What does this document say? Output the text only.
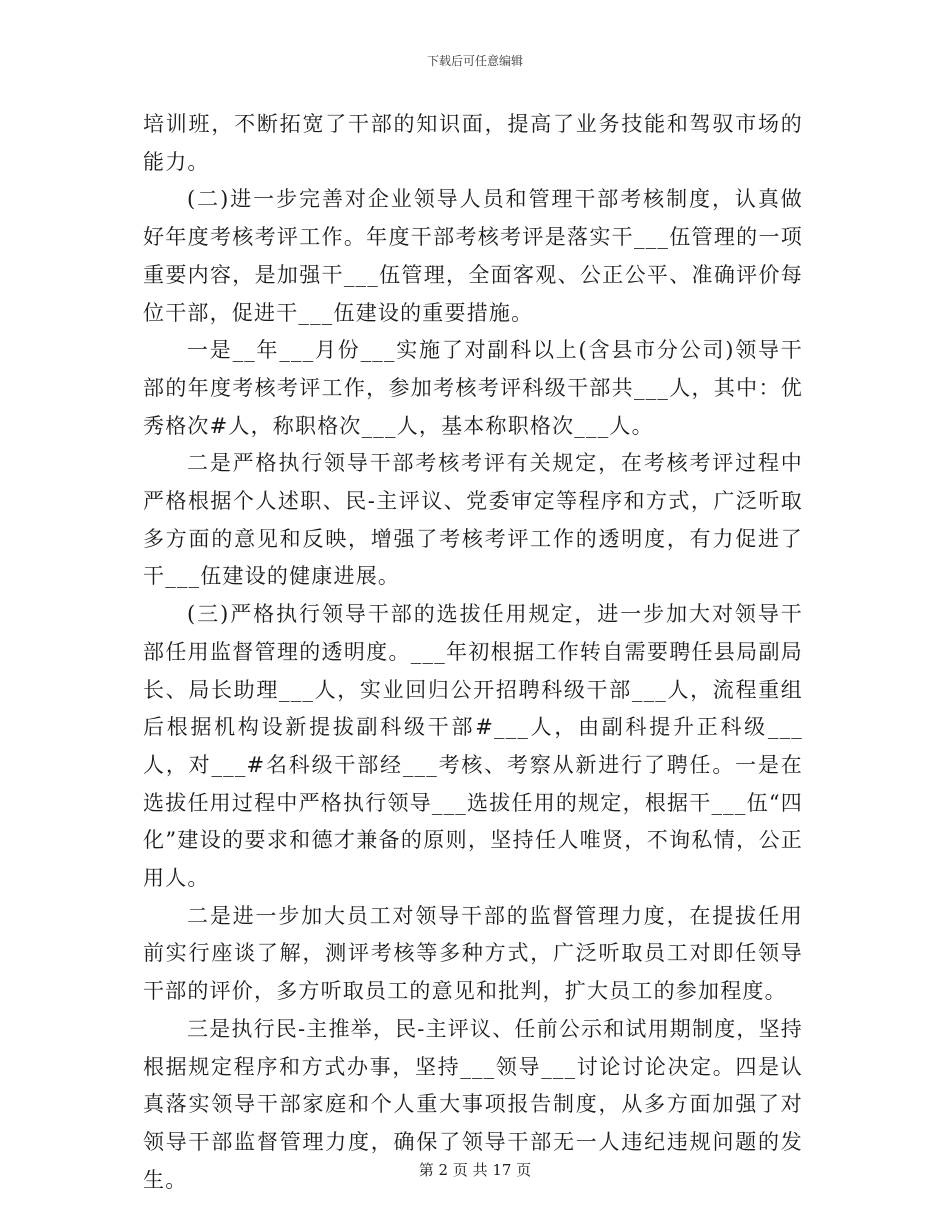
下载后可任意编辑

培训班，不断拓宽了干部的知识面，提高了业务技能和驾驭市场的能力。

(二)进一步完善对企业领导人员和管理干部考核制度，认真做好年度考核考评工作。年度干部考核考评是落实干___伍管理的一项重要内容，是加强干___伍管理，全面客观、公正公平、准确评价每位干部，促进干___伍建设的重要措施。

一是__年___月份___实施了对副科以上(含县市分公司)领导干部的年度考核考评工作，参加考核考评科级干部共___人，其中：优秀格次#人，称职格次___人，基本称职格次___人。

二是严格执行领导干部考核考评有关规定，在考核考评过程中严格根据个人述职、民-主评议、党委审定等程序和方式，广泛听取多方面的意见和反映，增强了考核考评工作的透明度，有力促进了干___伍建设的健康进展。

(三)严格执行领导干部的选拔任用规定，进一步加大对领导干部任用监督管理的透明度。___年初根据工作转自需要聘任县局副局长、局长助理___人，实业回归公开招聘科级干部___人，流程重组后根据机构设新提拔副科级干部#___人，由副科提升正科级___人，对___#名科级干部经___考核、考察从新进行了聘任。一是在选拔任用过程中严格执行领导___选拔任用的规定，根据干___伍“四化”建设的要求和德才兼备的原则，坚持任人唯贤，不询私情，公正用人。

二是进一步加大员工对领导干部的监督管理力度，在提拔任用前实行座谈了解，测评考核等多种方式，广泛听取员工对即任领导干部的评价，多方听取员工的意见和批判，扩大员工的参加程度。

三是执行民-主推举，民-主评议、任前公示和试用期制度，坚持根据规定程序和方式办事，坚持___领导___讨论讨论决定。四是认真落实领导干部家庭和个人重大事项报告制度，从多方面加强了对领导干部监督管理力度，确保了领导干部无一人违纪违规问题的发生。	第 2 页 共 17 页
